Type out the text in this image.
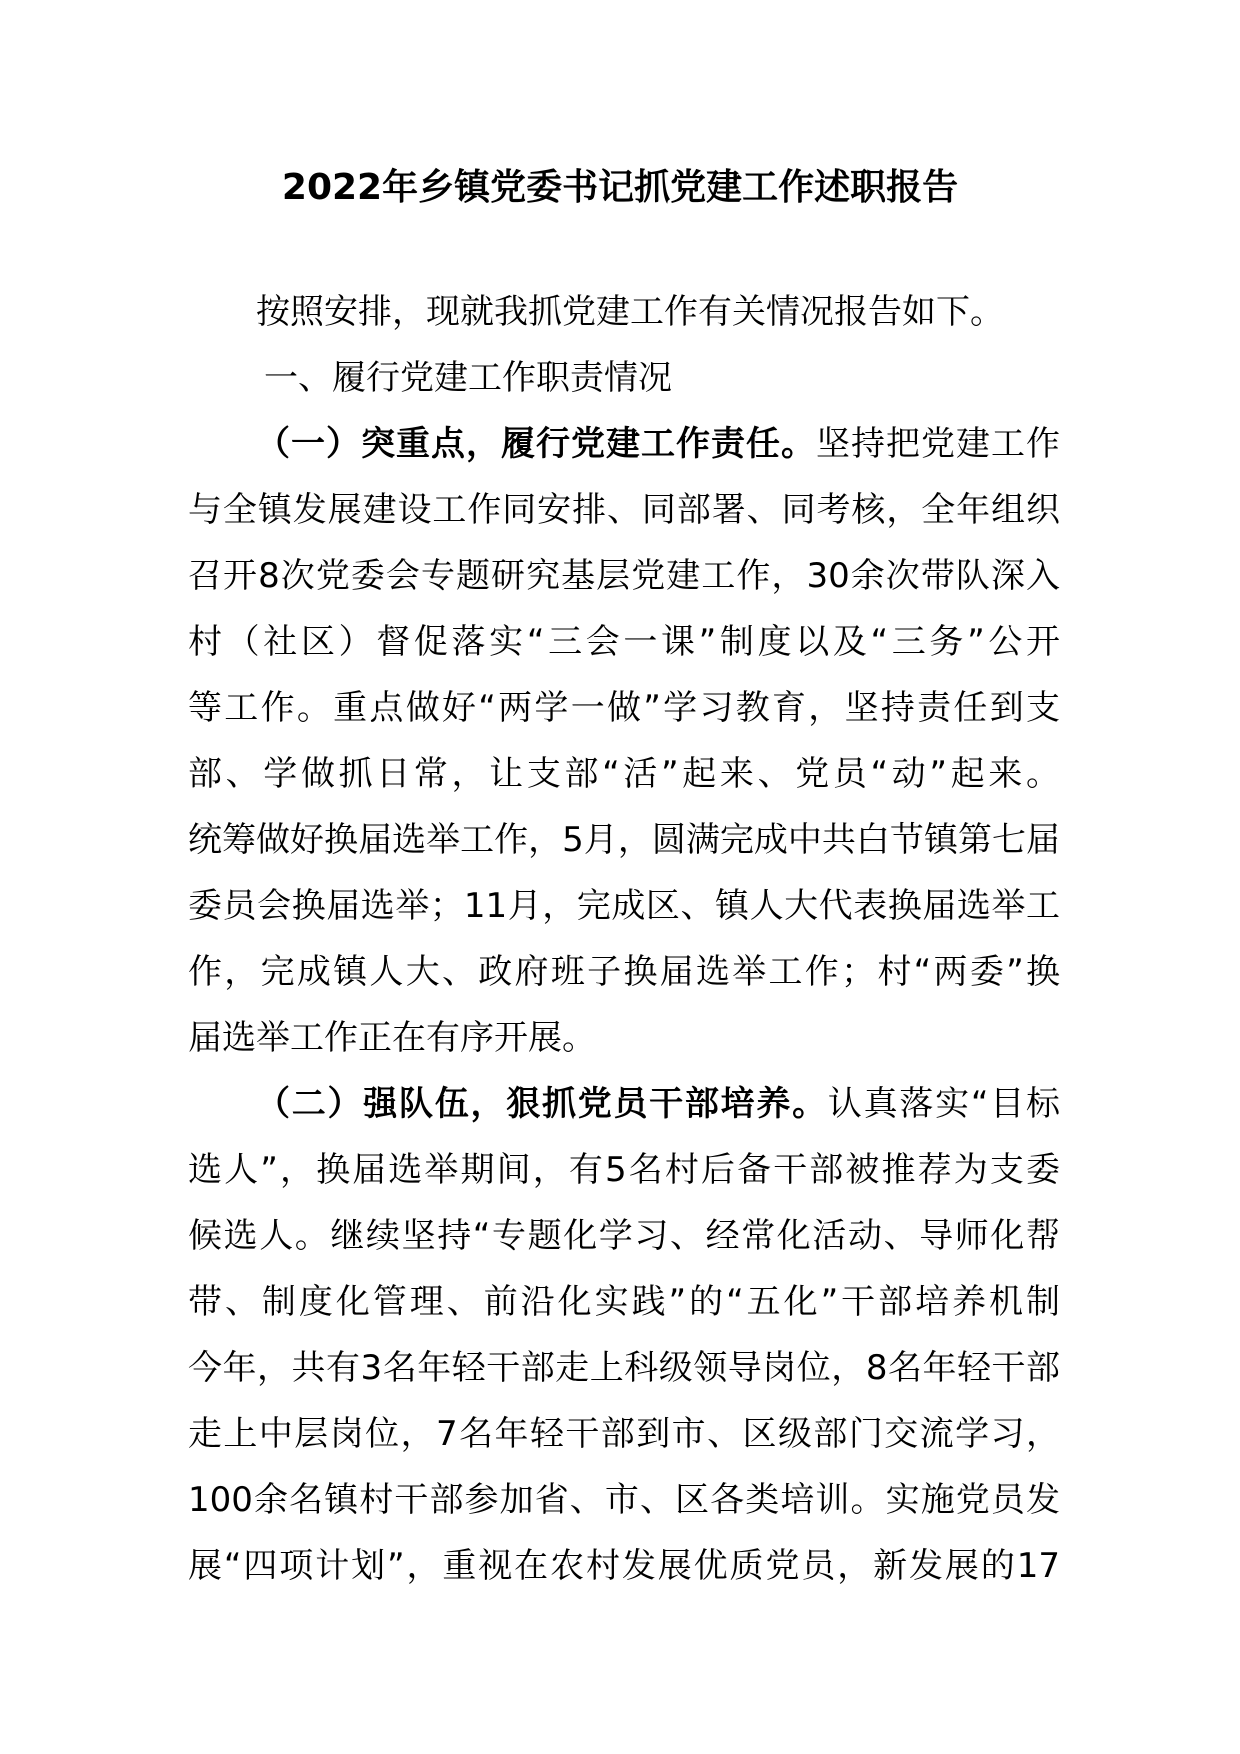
2022年乡镇党委书记抓党建工作述职报告
按照安排，现就我抓党建工作有关情况报告如下。
一、履行党建工作职责情况
（一）突重点，履行党建工作责任。坚持把党建工作
与全镇发展建设工作同安排、同部署、同考核，全年组织
召开8次党委会专题研究基层党建工作，30余次带队深入
村（社区）督促落实“三会一课”制度以及“三务”公开
等工作。重点做好“两学一做”学习教育，坚持责任到支
部、学做抓日常，让支部“活”起来、党员“动”起来。
统筹做好换届选举工作，5月，圆满完成中共白节镇第七届
委员会换届选举；11月，完成区、镇人大代表换届选举工
作，完成镇人大、政府班子换届选举工作；村“两委”换
届选举工作正在有序开展。
（二）强队伍，狠抓党员干部培养。认真落实“目标
选人”，换届选举期间，有5名村后备干部被推荐为支委
候选人。继续坚持“专题化学习、经常化活动、导师化帮
带、制度化管理、前沿化实践”的“五化”干部培养机制
今年，共有3名年轻干部走上科级领导岗位，8名年轻干部
走上中层岗位，7名年轻干部到市、区级部门交流学习，
100余名镇村干部参加省、市、区各类培训。实施党员发
展“四项计划”，重视在农村发展优质党员，新发展的17
